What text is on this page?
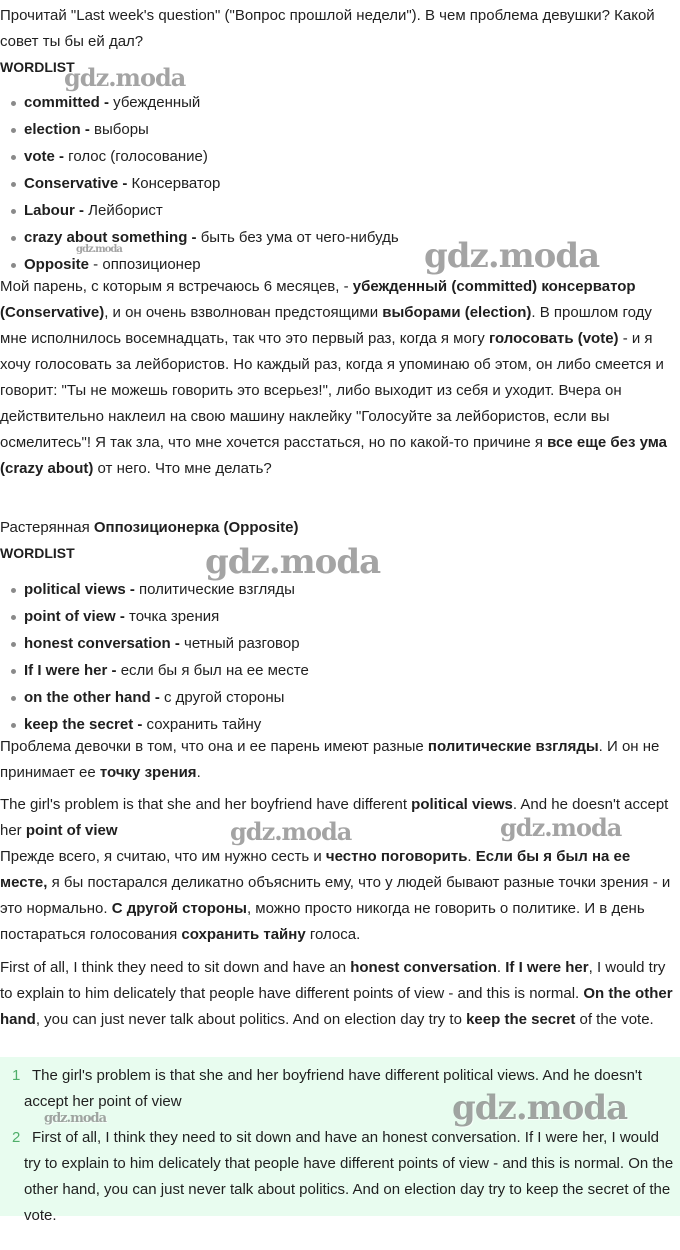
Прочитай "Last week's question" ("Вопрос прошлой недели"). В чем проблема девушки? Какой совет ты бы ей дал?

WORDLIST
committed - убежденный
election - выборы
vote - голос (голосование)
Conservative - Консерватор
Labour - Лейборист
crazy about something - быть без ума от чего-нибудь
Opposite - оппозиционер

Мой парень, с которым я встречаюсь 6 месяцев, - убежденный (committed) консерватор (Conservative), и он очень взволнован предстоящими выборами (election). В прошлом году мне исполнилось восемнадцать, так что это первый раз, когда я могу голосовать (vote) - и я хочу голосовать за лейбористов. Но каждый раз, когда я упоминаю об этом, он либо смеется и говорит: "Ты не можешь говорить это всерьез!", либо выходит из себя и уходит. Вчера он действительно наклеил на свою машину наклейку "Голосуйте за лейбористов, если вы осмелитесь"! Я так зла, что мне хочется расстаться, но по какой-то причине я все еще без ума (crazy about) от него. Что мне делать?

Растерянная Оппозиционерка (Opposite)

WORDLIST
political views - политические взгляды
point of view - точка зрения
honest conversation - четный разговор
If I were her - если бы я был на ее месте
on the other hand - с другой стороны
keep the secret - сохранить тайну

Проблема девочки в том, что она и ее парень имеют разные политические взгляды. И он не принимает ее точку зрения.

The girl's problem is that she and her boyfriend have different political views. And he doesn't accept her point of view

Прежде всего, я считаю, что им нужно сесть и честно поговорить. Если бы я был на ее месте, я бы постарался деликатно объяснить ему, что у людей бывают разные точки зрения - и это нормально. С другой стороны, можно просто никогда не говорить о политике. И в день постараться голосования сохранить тайну голоса.

First of all, I think they need to sit down and have an honest conversation. If I were her, I would try to explain to him delicately that people have different points of view - and this is normal. On the other hand, you can just never talk about politics. And on election day try to keep the secret of the vote.

1 The girl's problem is that she and her boyfriend have different political views. And he doesn't accept her point of view
2 First of all, I think they need to sit down and have an honest conversation. If I were her, I would try to explain to him delicately that people have different points of view - and this is normal. On the other hand, you can just never talk about politics. And on election day try to keep the secret of the vote.
gdz.moda
gdz.moda
gdz.moda
gdz.moda
gdz.moda	gdz.moda
gdz.moda
gdz.moda
